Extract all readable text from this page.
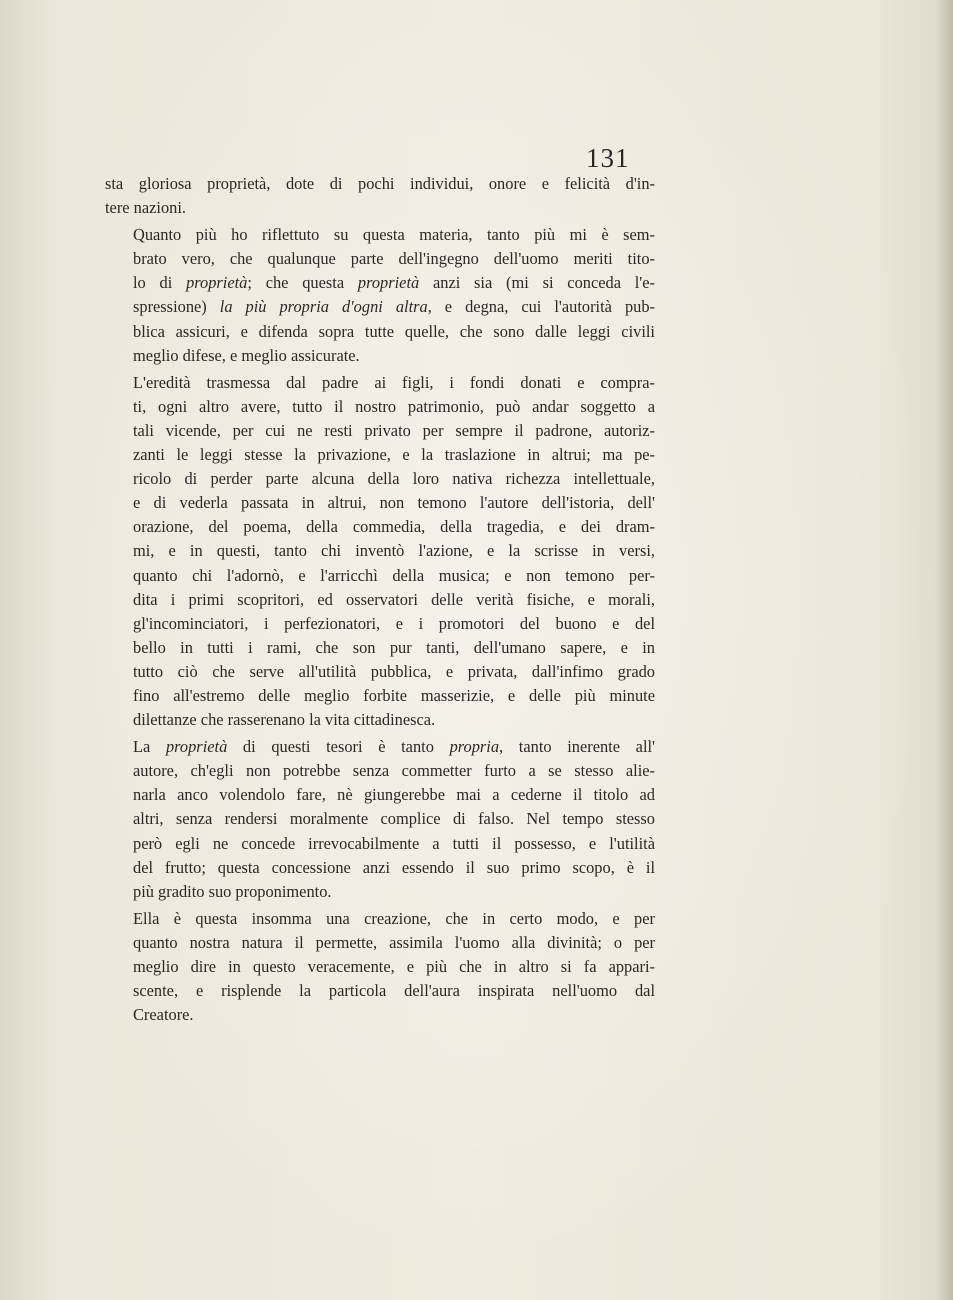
131

sta gloriosa proprietà, dote di pochi individui, onore e felicità d'in-
tere nazioni.

Quanto più ho riflettuto su questa materia, tanto più mi è sem-
brato vero, che qualunque parte dell'ingegno dell'uomo meriti tito-
lo di proprietà; che questa proprietà anzi sia (mi si conceda l'e-
spressione) la più propria d'ogni altra, e degna, cui l'autorità pub-
blica assicuri, e difenda sopra tutte quelle, che sono dalle leggi civili
meglio difese, e meglio assicurate.

L'eredità trasmessa dal padre ai figli, i fondi donati e compra-
ti, ogni altro avere, tutto il nostro patrimonio, può andar soggetto a
tali vicende, per cui ne resti privato per sempre il padrone, autoriz-
zanti le leggi stesse la privazione, e la traslazione in altrui; ma pe-
ricolo di perder parte alcuna della loro nativa richezza intellettuale,
e di vederla passata in altrui, non temono l'autore dell'istoria, dell'
orazione, del poema, della commedia, della tragedia, e dei dram-
mi, e in questi, tanto chi inventò l'azione, e la scrisse in versi,
quanto chi l'adornò, e l'arricchì della musica; e non temono per-
dita i primi scopritori, ed osservatori delle verità fisiche, e morali,
gl'incominciatori, i perfezionatori, e i promotori del buono e del
bello in tutti i rami, che son pur tanti, dell'umano sapere, e in
tutto ciò che serve all'utilità pubblica, e privata, dall'infimo grado
fino all'estremo delle meglio forbite masserizie, e delle più minute
dilettanze che rasserenano la vita cittadinesca.

La proprietà di questi tesori è tanto propria, tanto inerente all'
autore, ch'egli non potrebbe senza commetter furto a se stesso alie-
narla anco volendolo fare, nè giungerebbe mai a cederne il titolo ad
altri, senza rendersi moralmente complice di falso. Nel tempo stesso
però egli ne concede irrevocabilmente a tutti il possesso, e l'utilità
del frutto; questa concessione anzi essendo il suo primo scopo, è il
più gradito suo proponimento.

Ella è questa insomma una creazione, che in certo modo, e per
quanto nostra natura il permette, assimila l'uomo alla divinità; o per
meglio dire in questo veracemente, e più che in altro si fa appari-
scente, e risplende la particola dell'aura inspirata nell'uomo dal
Creatore.
